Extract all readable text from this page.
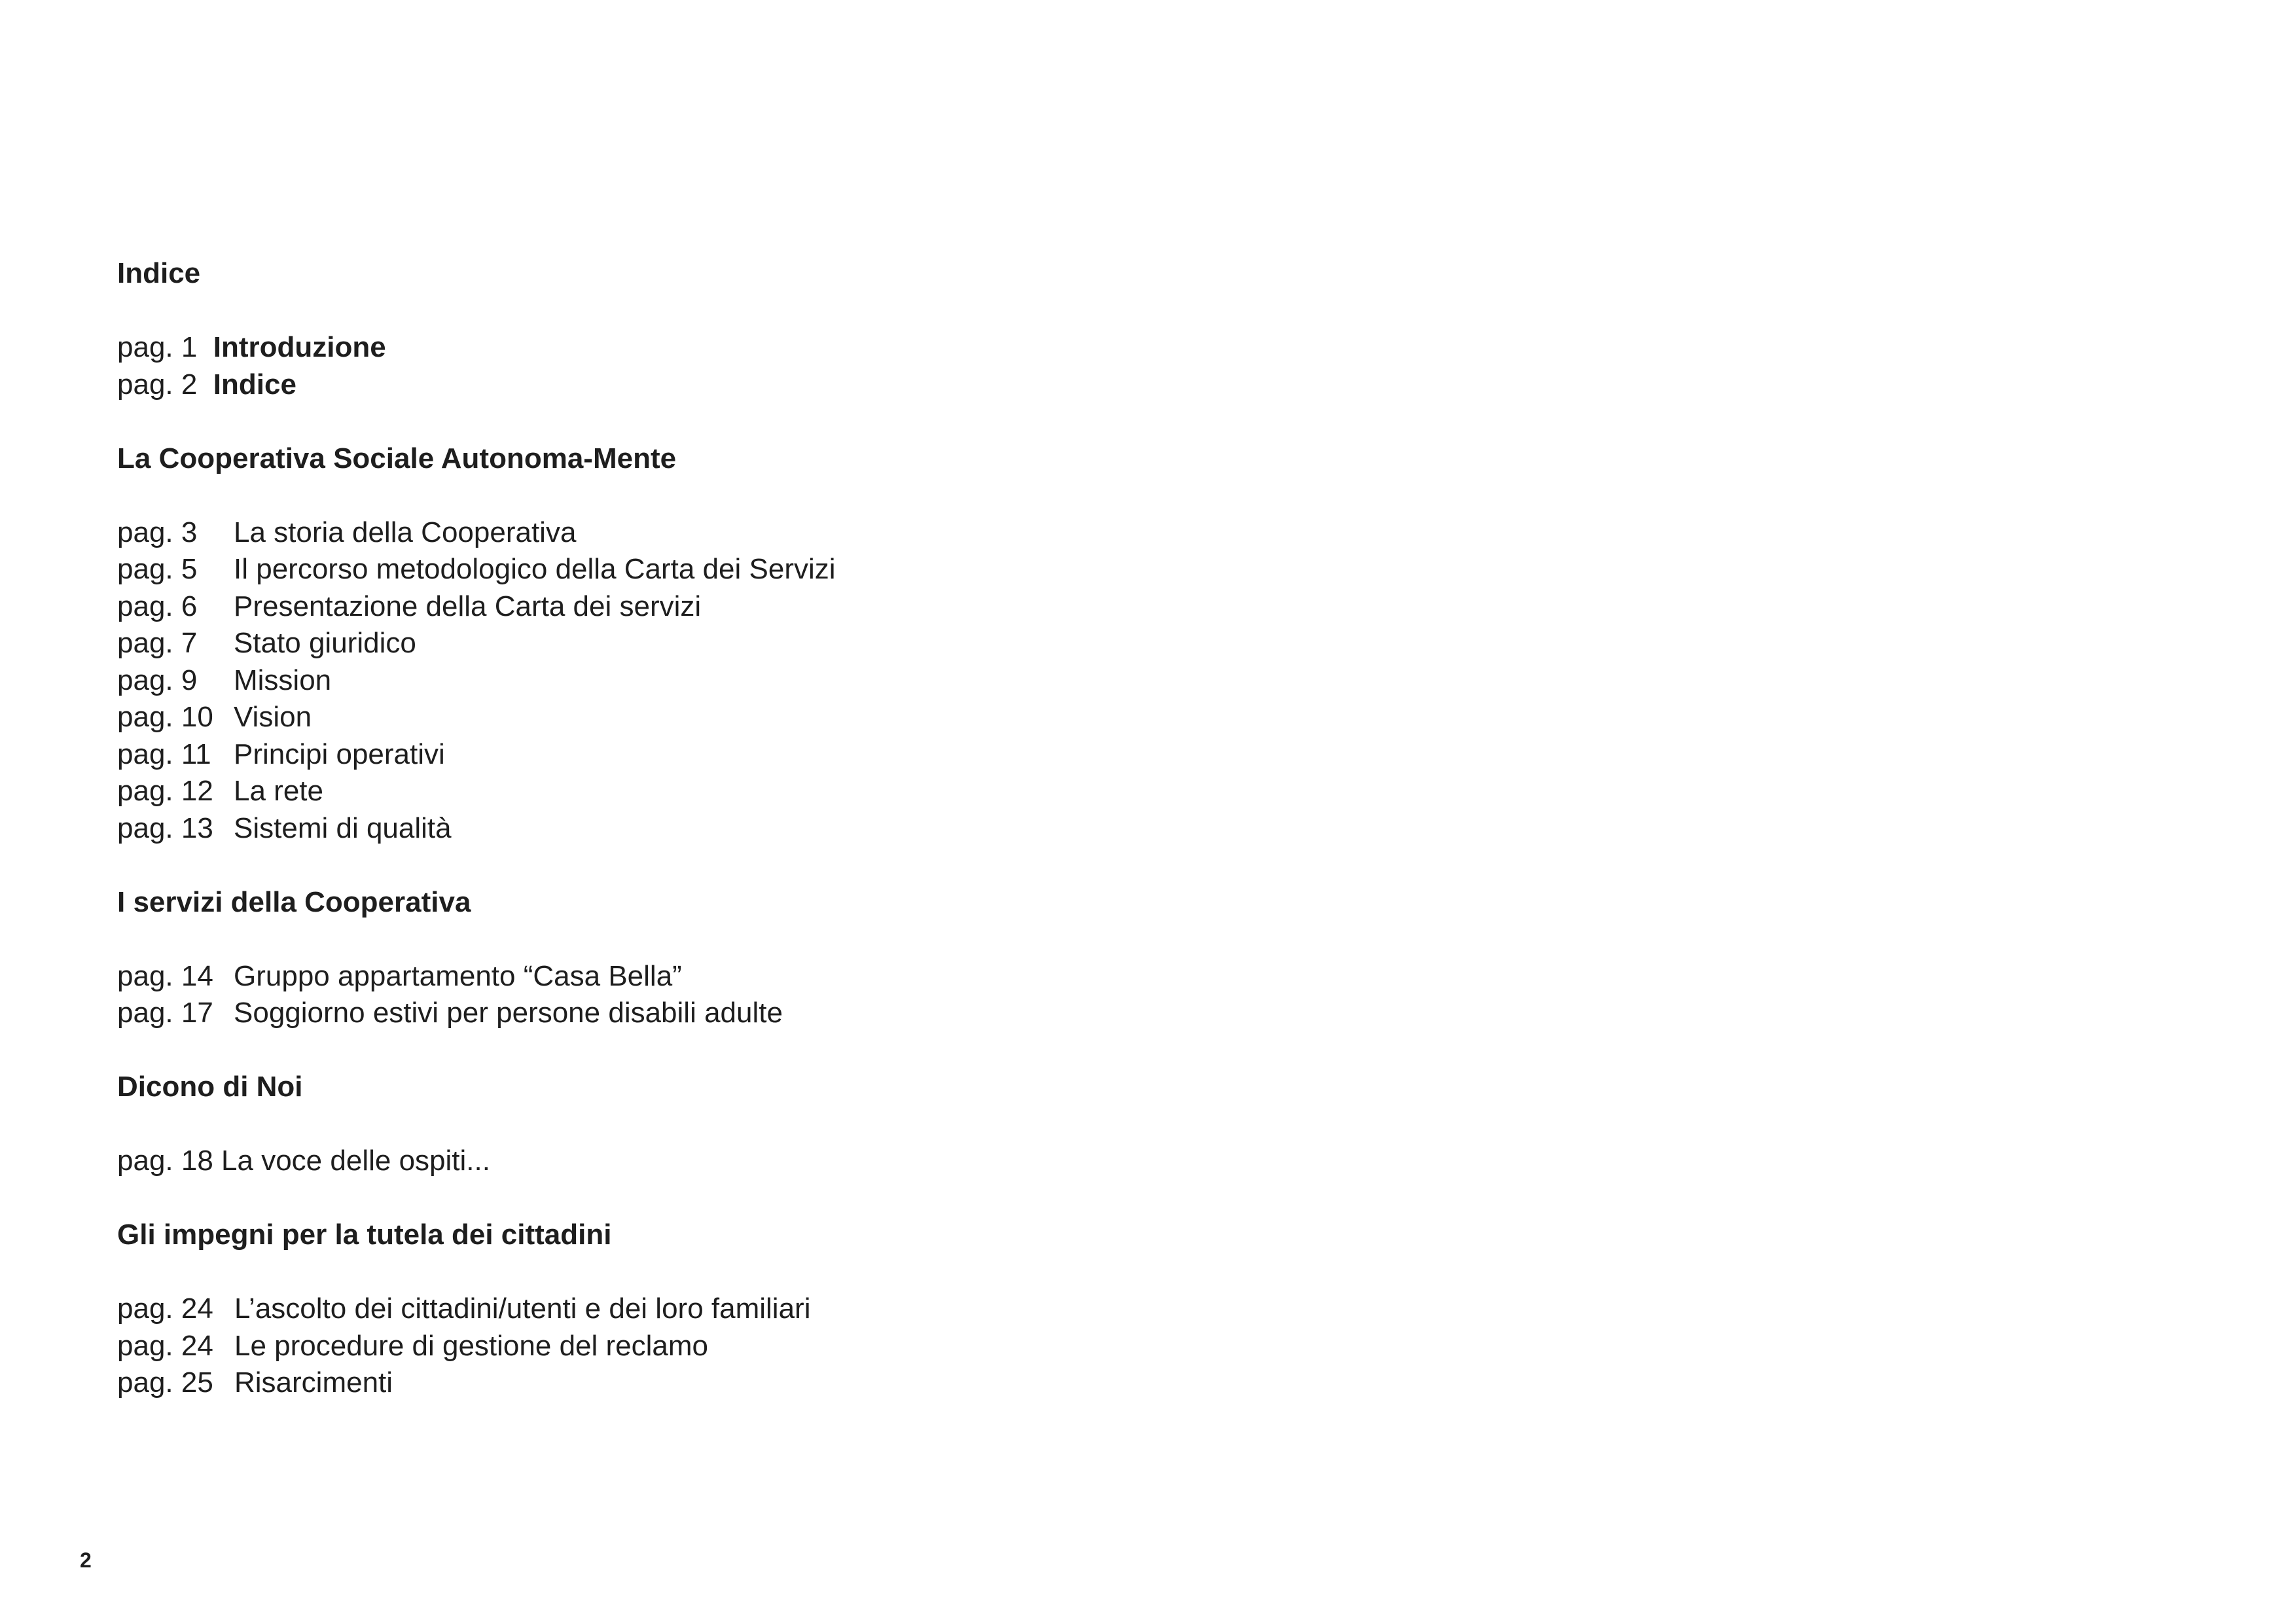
Indice
pag. 1 Introduzione
pag. 2 Indice
La Cooperativa Sociale Autonoma-Mente
pag. 3 La storia della Cooperativa
pag. 5 Il percorso metodologico della Carta dei Servizi
pag. 6 Presentazione della Carta dei servizi
pag. 7 Stato giuridico
pag. 9 Mission
pag. 10 Vision
pag. 11 Principi operativi
pag. 12 La rete
pag. 13 Sistemi di qualità
I servizi della Cooperativa
pag. 14 Gruppo appartamento “Casa Bella”
pag. 17 Soggiorno estivi per persone disabili adulte
Dicono di Noi
pag. 18 La voce delle ospiti...
Gli impegni per la tutela dei cittadini
pag. 24 L’ascolto dei cittadini/utenti e dei loro familiari
pag. 24 Le procedure di gestione del reclamo
pag. 25 Risarcimenti
2
